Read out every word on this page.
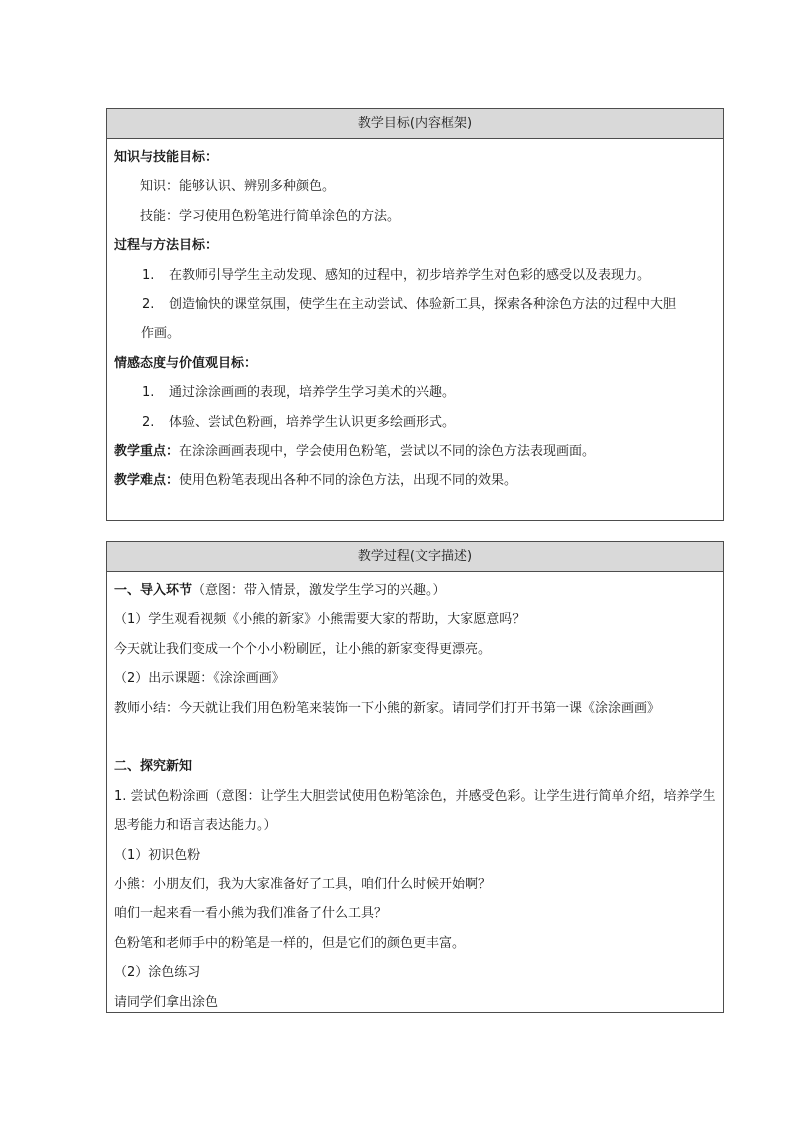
教学目标(内容框架)
知识与技能目标：
知识：能够认识、辨别多种颜色。
技能：学习使用色粉笔进行简单涂色的方法。
过程与方法目标：
1. 在教师引导学生主动发现、感知的过程中，初步培养学生对色彩的感受以及表现力。
2. 创造愉快的课堂氛围，使学生在主动尝试、体验新工具，探索各种涂色方法的过程中大胆
作画。
情感态度与价值观目标：
1. 通过涂涂画画的表现，培养学生学习美术的兴趣。
2. 体验、尝试色粉画，培养学生认识更多绘画形式。
教学重点：在涂涂画画表现中，学会使用色粉笔，尝试以不同的涂色方法表现画面。
教学难点：使用色粉笔表现出各种不同的涂色方法，出现不同的效果。
教学过程(文字描述)
一、导入环节（意图：带入情景，激发学生学习的兴趣。）
（1）学生观看视频《小熊的新家》小熊需要大家的帮助，大家愿意吗？
今天就让我们变成一个个小小粉刷匠，让小熊的新家变得更漂亮。
（2）出示课题：《涂涂画画》
教师小结：今天就让我们用色粉笔来装饰一下小熊的新家。请同学们打开书第一课《涂涂画画》
二、探究新知
1. 尝试色粉涂画（意图：让学生大胆尝试使用色粉笔涂色，并感受色彩。让学生进行简单介绍，培养学生思考能力和语言表达能力。）
（1）初识色粉
小熊：小朋友们，我为大家准备好了工具，咱们什么时候开始啊？
咱们一起来看一看小熊为我们准备了什么工具？
色粉笔和老师手中的粉笔是一样的，但是它们的颜色更丰富。
（2）涂色练习
请同学们拿出涂色
